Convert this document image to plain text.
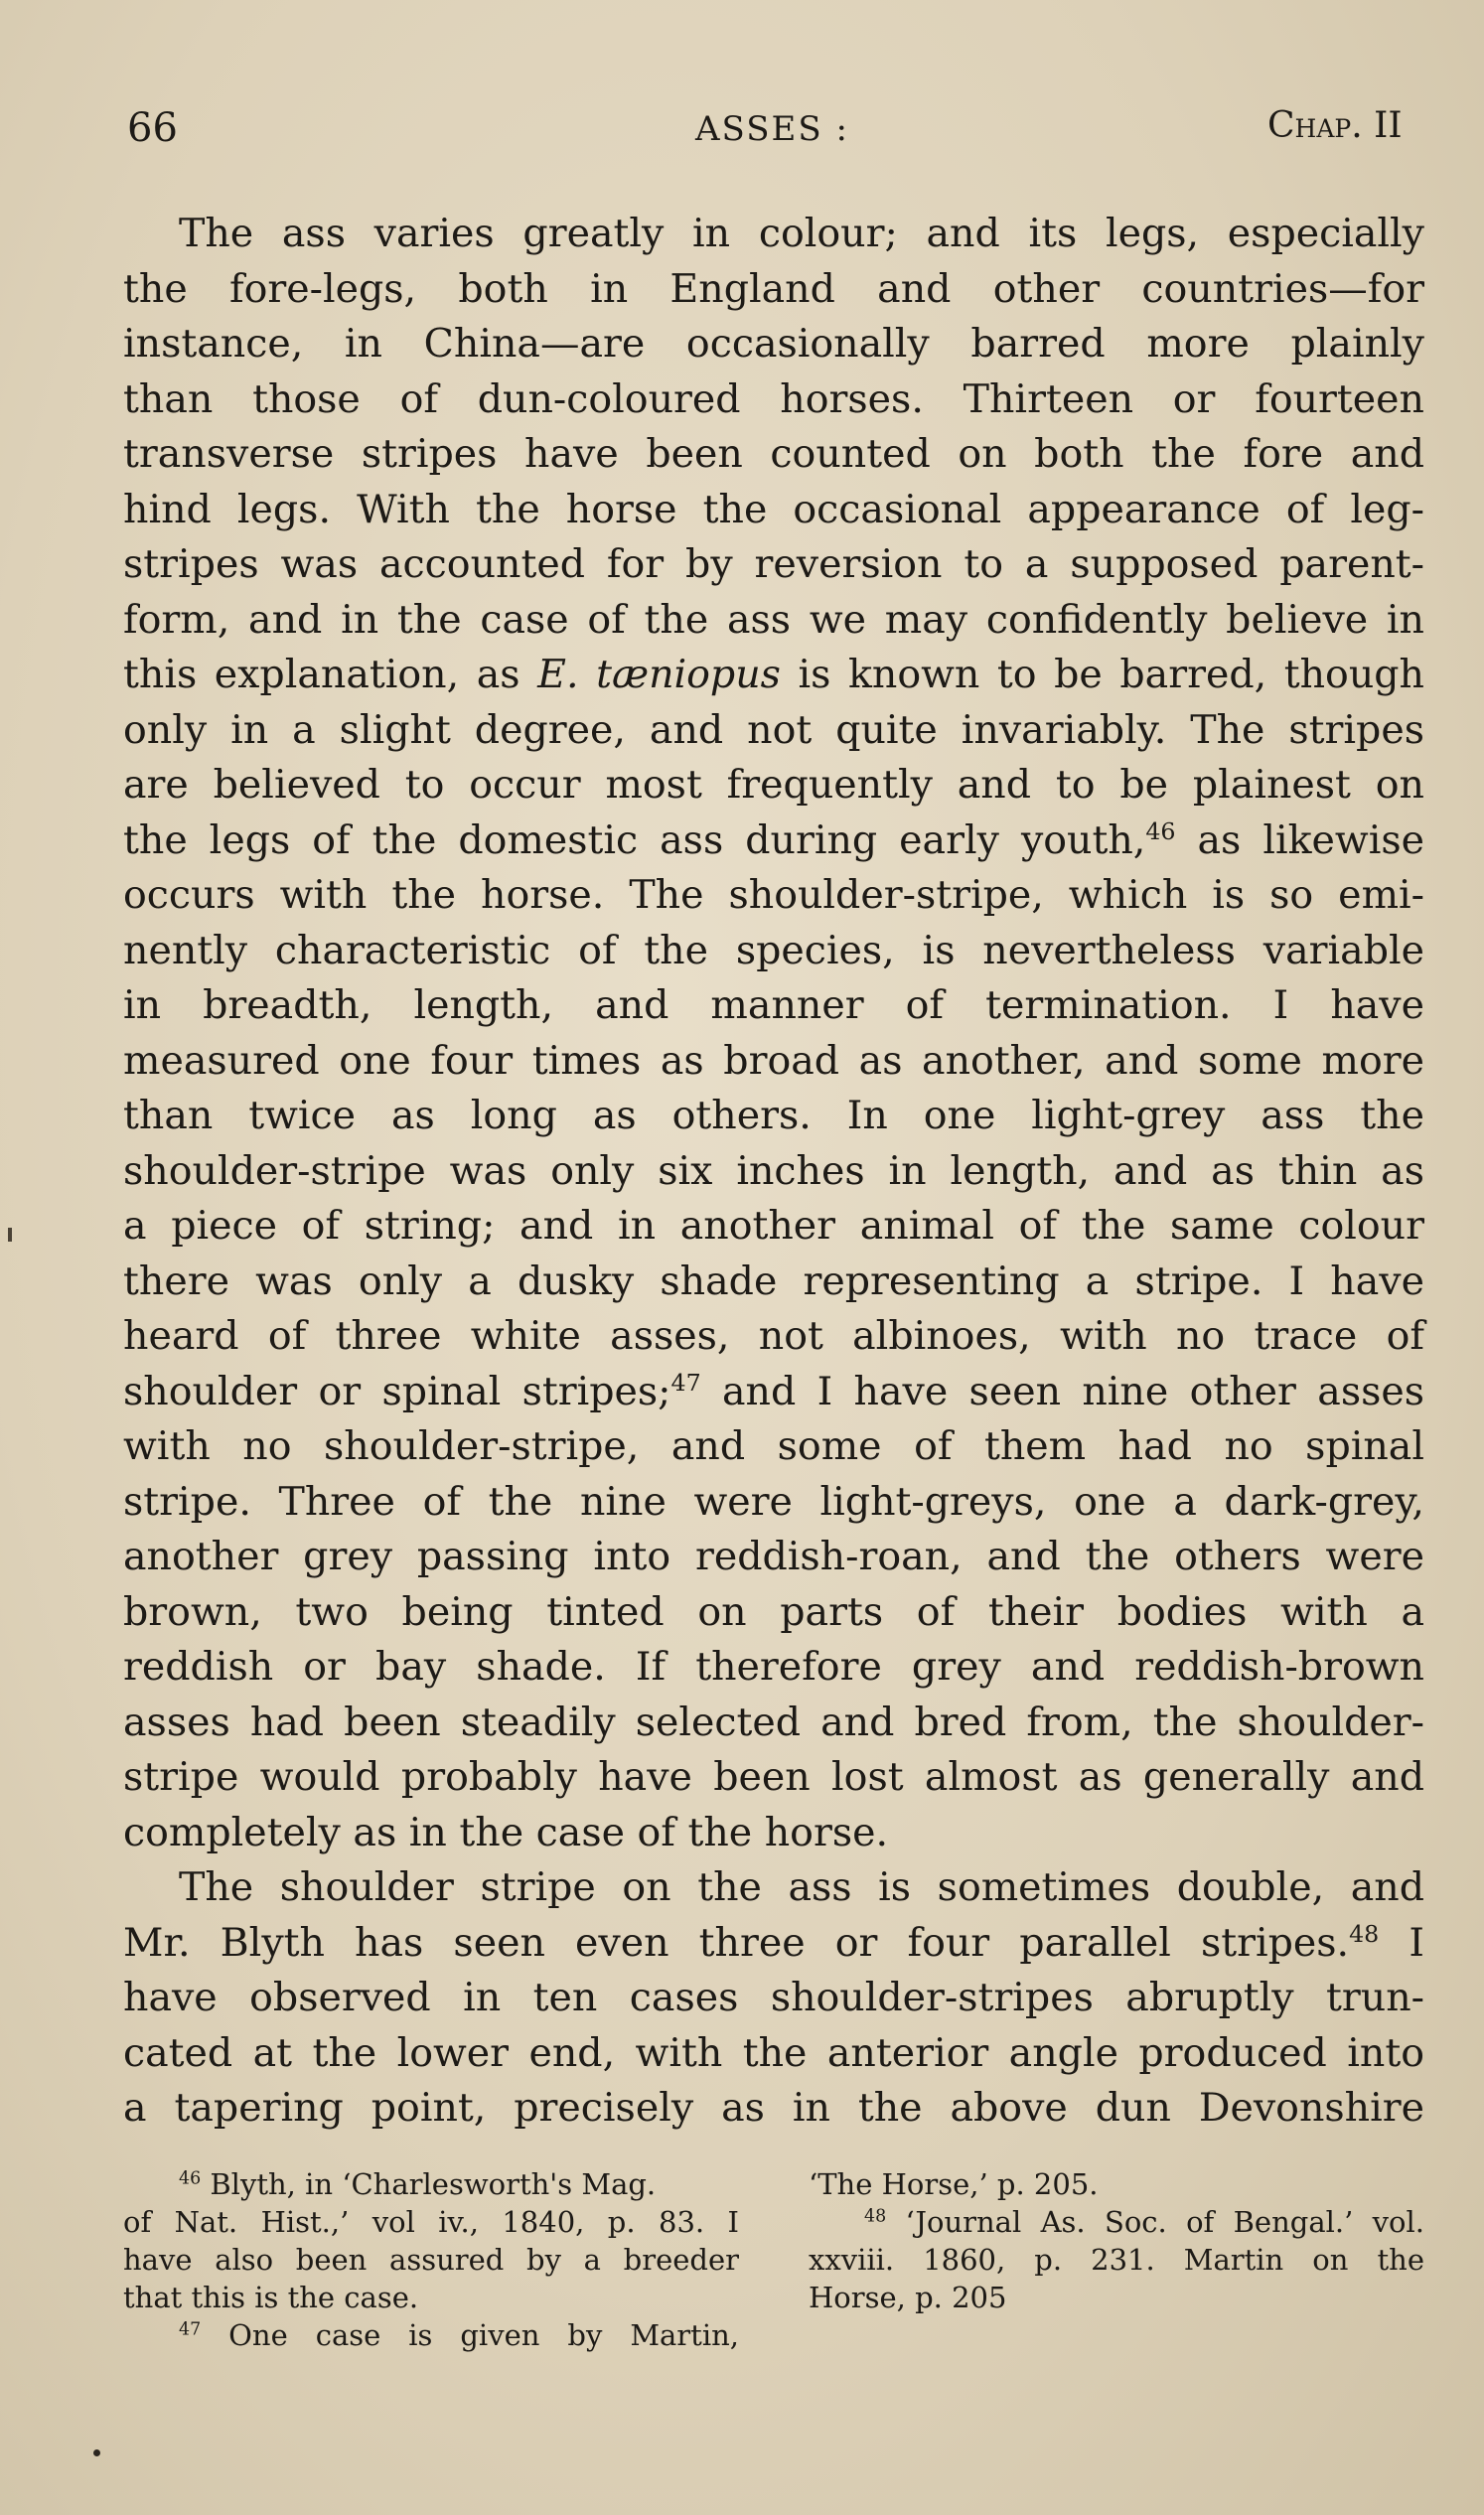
66	ASSES :	Chap. II
The ass varies greatly in colour; and its legs, especially
the fore-legs, both in England and other countries—for
instance, in China—are occasionally barred more plainly
than those of dun-coloured horses. Thirteen or fourteen
transverse stripes have been counted on both the fore and
hind legs. With the horse the occasional appearance of leg-
stripes was accounted for by reversion to a supposed parent-
form, and in the case of the ass we may confidently believe in
this explanation, as E. tæniopus is known to be barred, though
only in a slight degree, and not quite invariably. The stripes
are believed to occur most frequently and to be plainest on
the legs of the domestic ass during early youth,$^{46}$ as likewise
occurs with the horse. The shoulder-stripe, which is so emi-
nently characteristic of the species, is nevertheless variable
in breadth, length, and manner of termination. I have
measured one four times as broad as another, and some more
than twice as long as others. In one light-grey ass the
shoulder-stripe was only six inches in length, and as thin as
a piece of string; and in another animal of the same colour
there was only a dusky shade representing a stripe. I have
heard of three white asses, not albinoes, with no trace of
shoulder or spinal stripes;$^{47}$ and I have seen nine other asses
with no shoulder-stripe, and some of them had no spinal
stripe. Three of the nine were light-greys, one a dark-grey,
another grey passing into reddish-roan, and the others were
brown, two being tinted on parts of their bodies with a
reddish or bay shade. If therefore grey and reddish-brown
asses had been steadily selected and bred from, the shoulder-
stripe would probably have been lost almost as generally and
completely as in the case of the horse.
The shoulder stripe on the ass is sometimes double, and
Mr. Blyth has seen even three or four parallel stripes.$^{48}$ I
have observed in ten cases shoulder-stripes abruptly trun-
cated at the lower end, with the anterior angle produced into
a tapering point, precisely as in the above dun Devonshire
$^{46}$ Blyth, in ‘Charlesworth's Mag.
of Nat. Hist.,’ vol iv., 1840, p. 83. I
have also been assured by a breeder
that this is the case.
$^{47}$ One case is given by Martin,
‘The Horse,’ p. 205.
$^{48}$ ‘Journal As. Soc. of Bengal.’ vol.
xxviii. 1860, p. 231. Martin on the
Horse, p. 205
